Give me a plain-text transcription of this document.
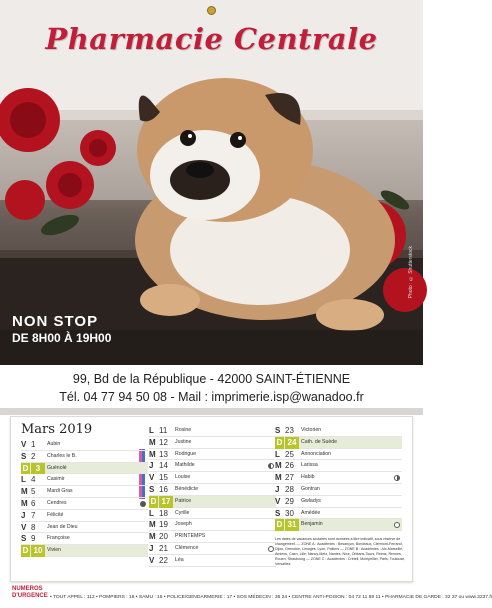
Pharmacie Centrale
NON STOP
DE 8H00 À 19H00
Photo : © Shutterstock
99, Bd de la République - 42000 SAINT-ÉTIENNE
Tél. 04 77 94 50 08 - Mail : imprimerie.isp@wanadoo.fr
Mars 2019
V 1	Aubin
S 2	Charles le B.
D 3	Guénolé
L 4	Casimir
M 5	Mardi Gras
M 6	Cendres
J 7	Félicité
V 8	Jean de Dieu
S 9	Françoise
D 10 Vivien
L 11	Rosine
M 12	Justine
M 13	Rodrigue
J 14	Mathilde
V 15	Louise
S 16	Bénédicte
D 17 Patrice
L 18	Cyrille
M 19	Joseph
M 20	PRINTEMPS
J 21	Clémence
V 22	Léa
S 23	Victorien
D 24 Cath. de Suède
L 25	Annonciation
M 26	Larissa
M 27	Habib
J 28	Gontran
V 29	Gwladys
S 30	Amédée
D 31 Benjamin
Les dates de vacances scolaires sont données à titre indicatif, sous réserve de changement. — ZONE A : Académies : Besançon, Bordeaux, Clermont-Ferrand, Dijon, Grenoble, Limoges, Lyon, Poitiers — ZONE B : Académies : Aix-Marseille, Amiens, Caen, Lille, Nancy-Metz, Nantes, Nice, Orléans-Tours, Reims, Rennes, Rouen, Strasbourg — ZONE C : Académies : Créteil, Montpellier, Paris, Toulouse, Versailles
NUMEROS
D'URGENCE • TOUT APPEL : 112 • POMPIERS : 18 • SAMU : 15 • POLICE/GENDARMERIE : 17 • SOS MÉDECIN : 36 24 • CENTRE ANTI-POISON : 04 72 11 69 11 • PHARMACIE DE GARDE : 32 37 ou www.3237.fr
